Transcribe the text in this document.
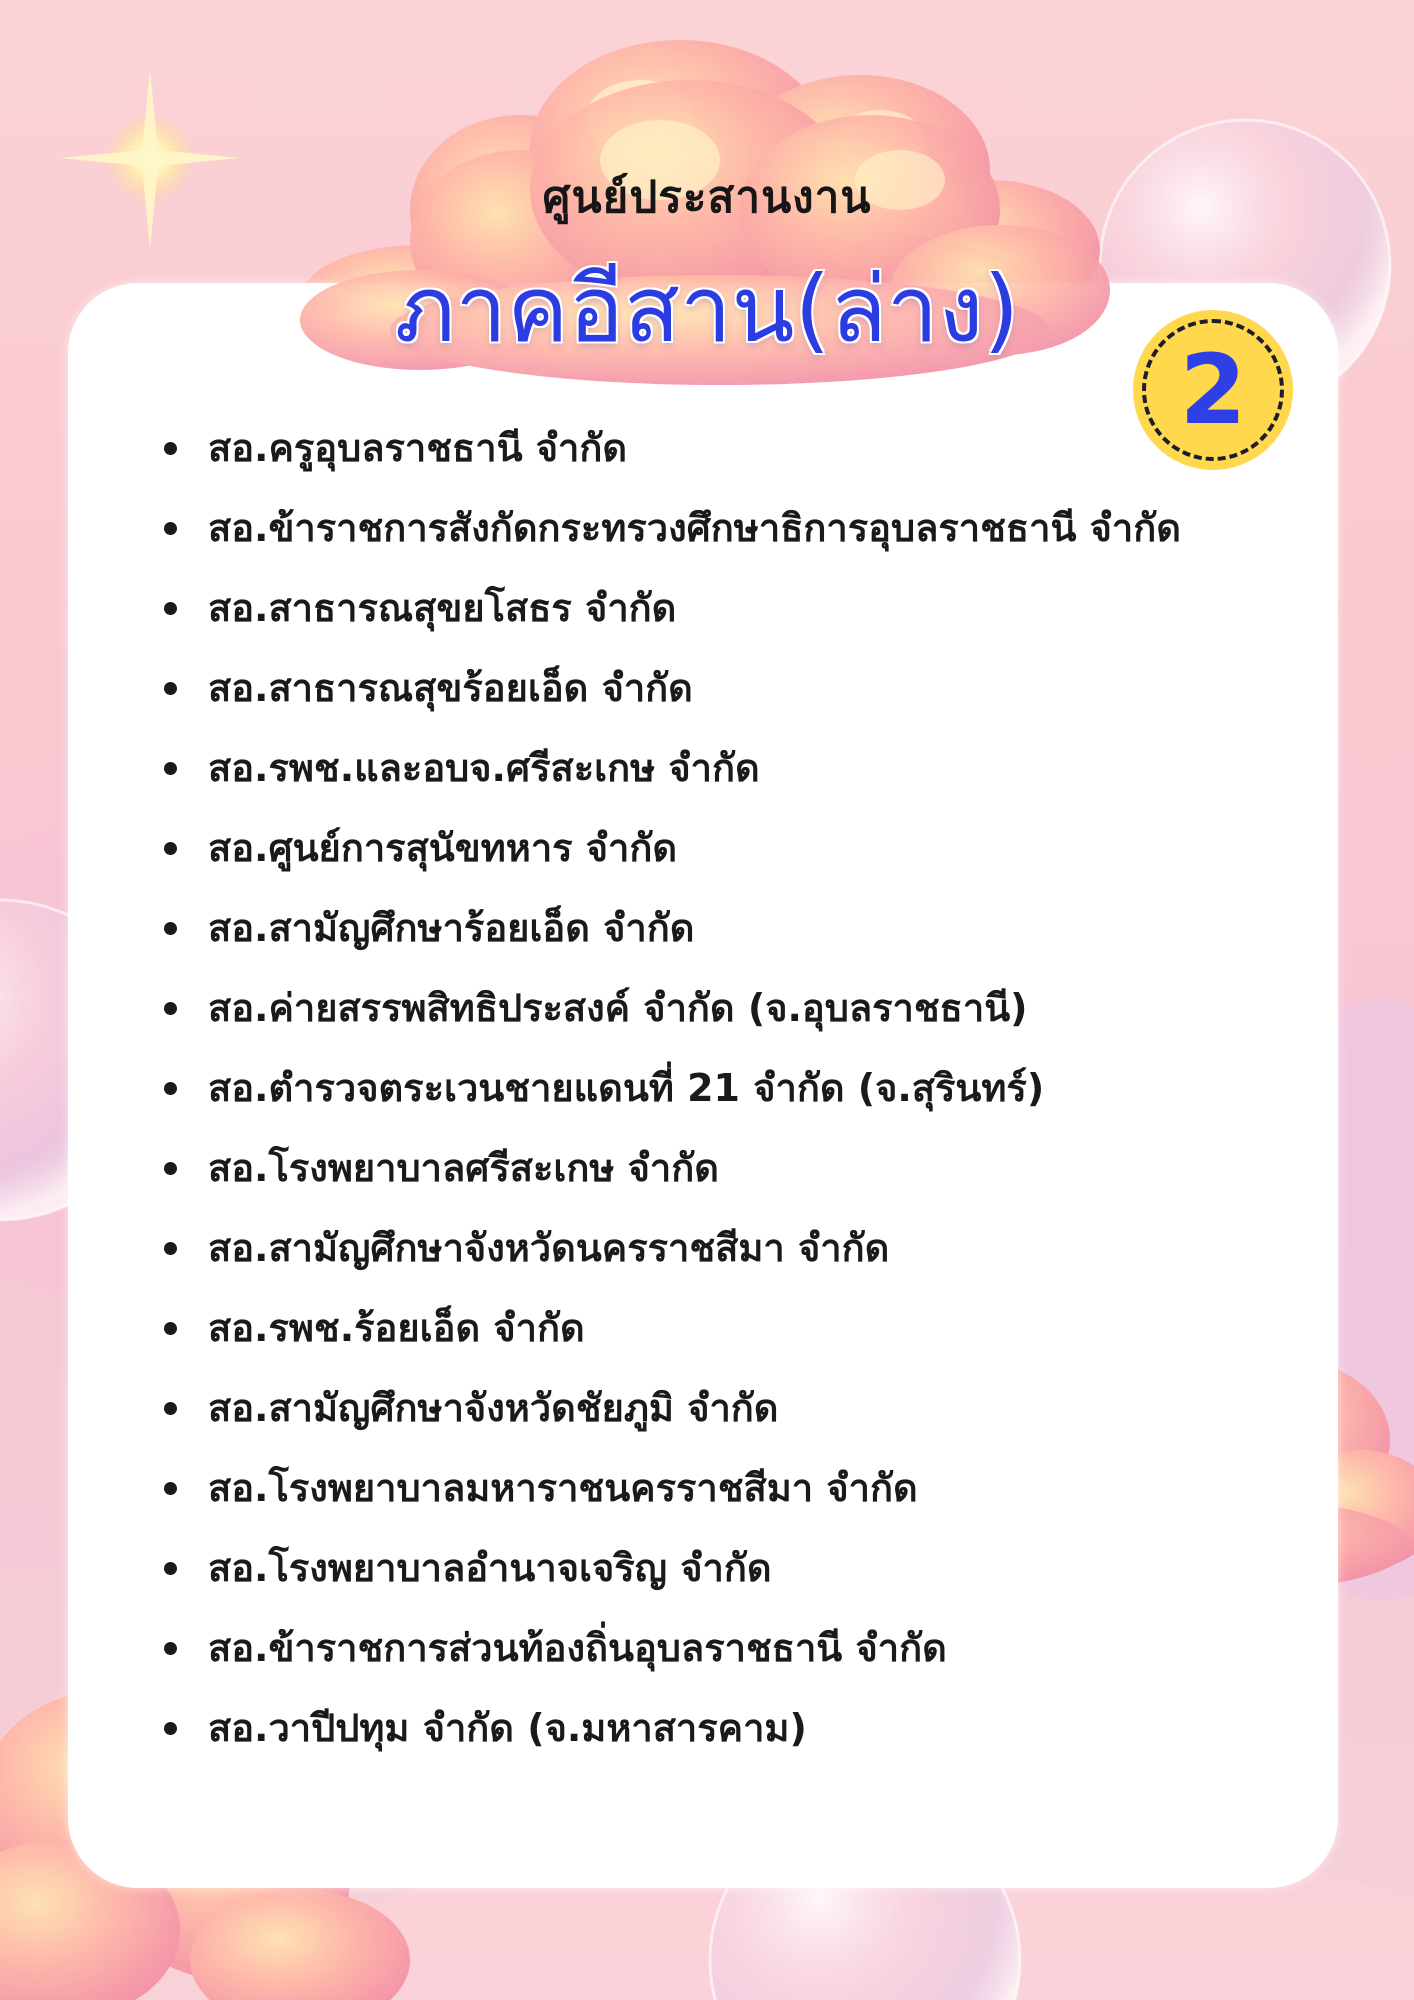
ศูนย์ประสานงาน
ภาคอีสาน(ล่าง)
2
สอ.ครูอุบลราชธานี จำกัด
สอ.ข้าราชการสังกัดกระทรวงศึกษาธิการอุบลราชธานี จำกัด
สอ.สาธารณสุขยโสธร จำกัด
สอ.สาธารณสุขร้อยเอ็ด จำกัด
สอ.รพช.และอบจ.ศรีสะเกษ จำกัด
สอ.ศูนย์การสุนัขทหาร จำกัด
สอ.สามัญศึกษาร้อยเอ็ด จำกัด
สอ.ค่ายสรรพสิทธิประสงค์ จำกัด (จ.อุบลราชธานี)
สอ.ตำรวจตระเวนชายแดนที่ 21 จำกัด (จ.สุรินทร์)
สอ.โรงพยาบาลศรีสะเกษ จำกัด
สอ.สามัญศึกษาจังหวัดนครราชสีมา จำกัด
สอ.รพช.ร้อยเอ็ด จำกัด
สอ.สามัญศึกษาจังหวัดชัยภูมิ จำกัด
สอ.โรงพยาบาลมหาราชนครราชสีมา จำกัด
สอ.โรงพยาบาลอำนาจเจริญ จำกัด
สอ.ข้าราชการส่วนท้องถิ่นอุบลราชธานี จำกัด
สอ.วาปีปทุม จำกัด (จ.มหาสารคาม)
